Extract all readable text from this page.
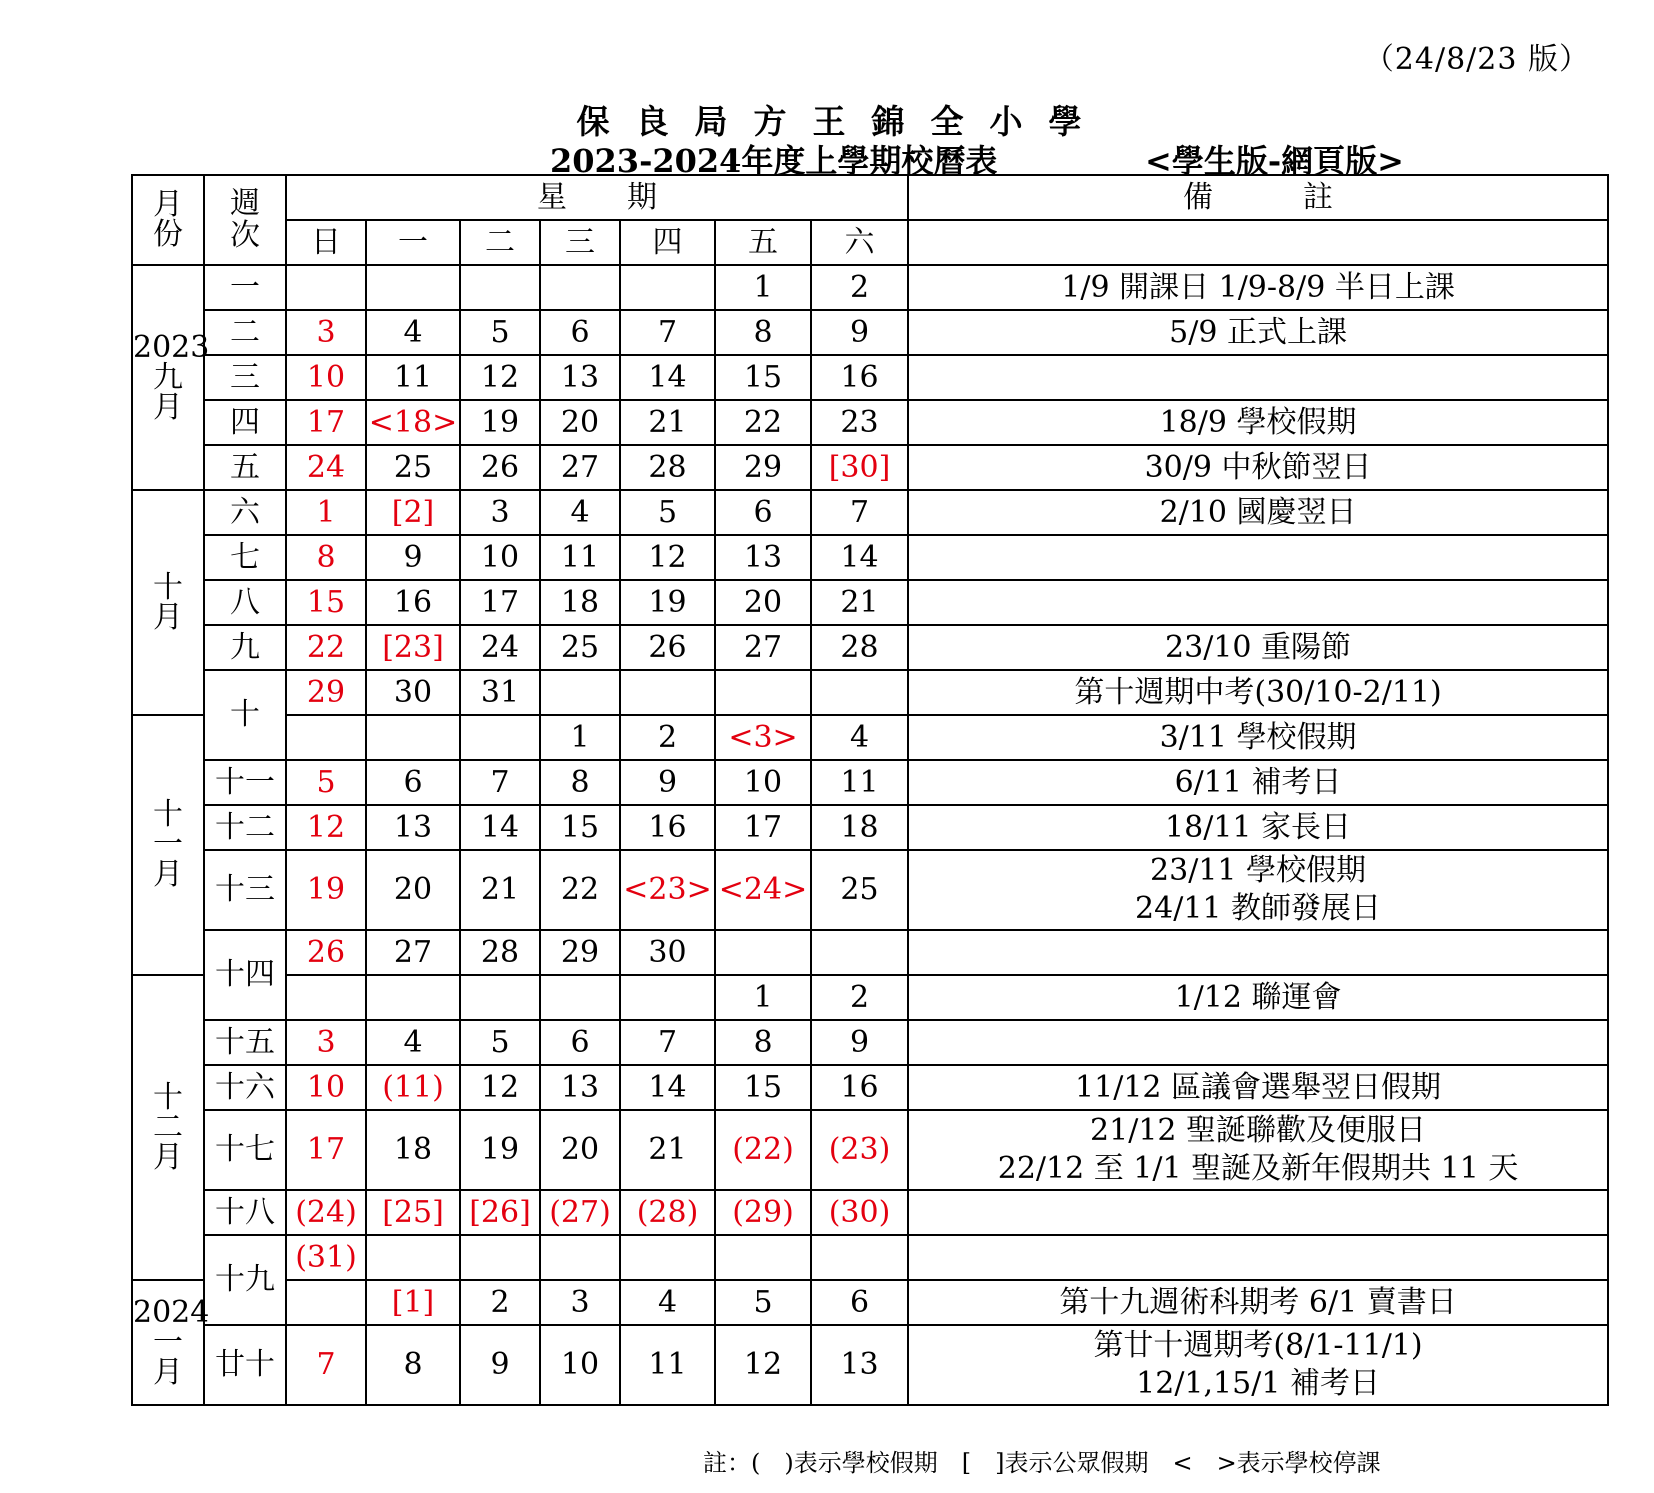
（24/8/23 版）
保良局方王錦全小學
2023-2024年度上學期校曆表	<學生版-網頁版>
月份	週次	星　　期							備　　　註
		日	一	二	三	四	五	六	

2023
九月	一						1	2	1/9 開課日 1/9-8/9 半日上課

	二	3	4	5	6	7	8	9	5/9 正式上課

	三	10	11	12	13	14	15	16	

	四	17	<18>	19	20	21	22	23	18/9 學校假期

	五	24	25	26	27	28	29	[30]	30/9 中秋節翌日

十月	六	1	[2]	3	4	5	6	7	2/10 國慶翌日

	七	8	9	10	11	12	13	14	

	八	15	16	17	18	19	20	21	

	九	22	[23]	24	25	26	27	28	23/10 重陽節

	十	29	30	31					第十週期中考(30/10-2/11)

十一月					1	2	<3>	4	3/11 學校假期

	十一	5	6	7	8	9	10	11	6/11 補考日

	十二	12	13	14	15	16	17	18	18/11 家長日

	十三	19	20	21	22	<23>	<24>	25	23/11 學校假期
24/11 教師發展日

	十四	26	27	28	29	30			

十二月							1	2	1/12 聯運會

	十五	3	4	5	6	7	8	9	

	十六	10	(11)	12	13	14	15	16	11/12 區議會選舉翌日假期

	十七	17	18	19	20	21	(22)	(23)	21/12 聖誕聯歡及便服日
22/12 至 1/1 聖誕及新年假期共 11 天

	十八	(24)	[25]	[26]	(27)	(28)	(29)	(30)	

	十九	(31)							

2024
一月			[1]	2	3	4	5	6	第十九週術科期考 6/1 賣書日

	廿十	7	8	9	10	11	12	13	第廿十週期考(8/1-11/1)
12/1,15/1 補考日
註：(　)表示學校假期　 [　]表示公眾假期　 <　>表示學校停課
